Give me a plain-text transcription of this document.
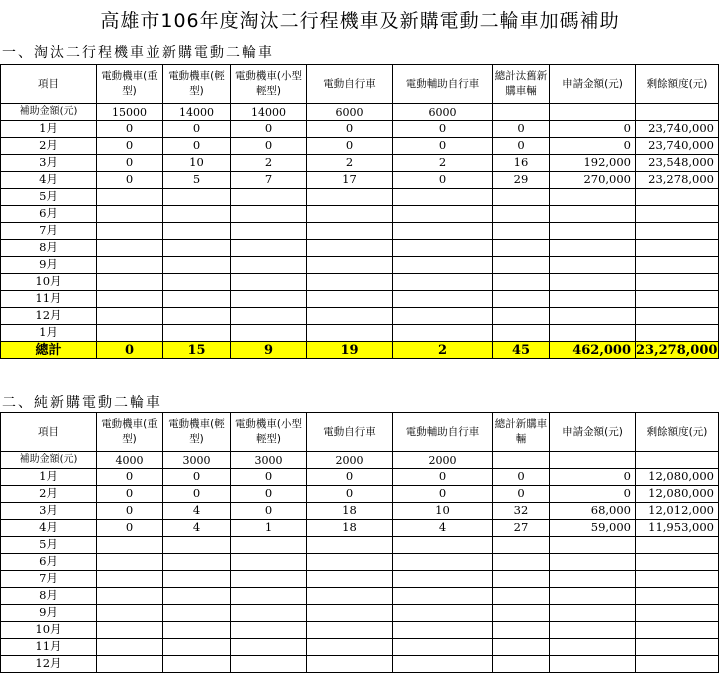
高雄市106年度淘汰二行程機車及新購電動二輪車加碼補助
一、淘汰二行程機車並新購電動二輪車
項目	電動機車(重型)	電動機車(輕型)	電動機車(小型輕型)	電動自行車	電動輔助自行車	總計汰舊新購車輛	申請金額(元)	剩餘額度(元)

補助金額(元)	15000	14000	14000	6000	6000			
1月	0	0	0	0	0	0	0	23,740,000
2月	0	0	0	0	0	0	0	23,740,000
3月	0	10	2	2	2	16	192,000	23,548,000
4月	0	5	7	17	0	29	270,000	23,278,000
5月								
6月								
7月								
8月								
9月								
10月								
11月								
12月								
1月								
總計	0	15	9	19	2	45	462,000	23,278,000
二、純新購電動二輪車
項目	電動機車(重型)	電動機車(輕型)	電動機車(小型輕型)	電動自行車	電動輔助自行車	總計新購車輛	申請金額(元)	剩餘額度(元)

補助金額(元)	4000	3000	3000	2000	2000			
1月	0	0	0	0	0	0	0	12,080,000
2月	0	0	0	0	0	0	0	12,080,000
3月	0	4	0	18	10	32	68,000	12,012,000
4月	0	4	1	18	4	27	59,000	11,953,000
5月								
6月								
7月								
8月								
9月								
10月								
11月								
12月								
